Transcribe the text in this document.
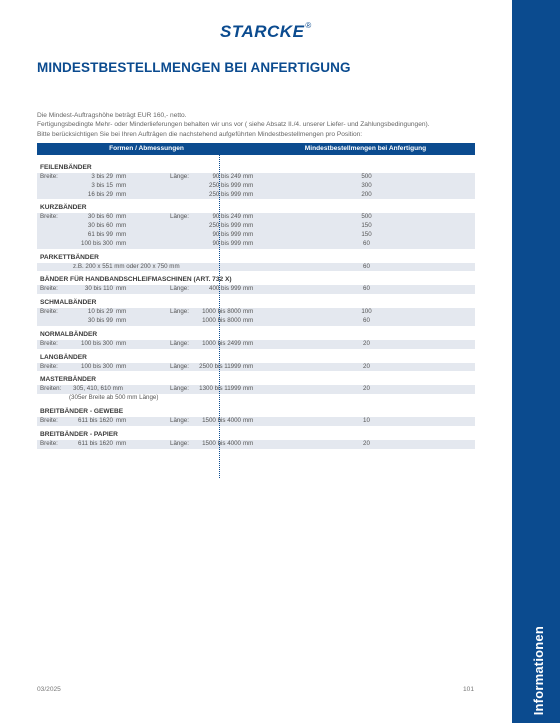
Informationen
STARCKE®
MINDESTBESTELLMENGEN BEI ANFERTIGUNG
Die Mindest-Auftragshöhe beträgt EUR 160,- netto.
Fertigungsbedingte Mehr- oder Minderlieferungen behalten wir uns vor ( siehe Absatz II./4. unserer Liefer- und Zahlungsbedingungen).
Bitte berücksichtigen Sie bei Ihren Aufträgen die nachstehend aufgeführten Mindestbestellmengen pro Position:
Formen / Abmessungen	Mindestbestellmengen bei Anfertigung
FEILENBÄNDER
Breite:	3 bis 29 mm	Länge:	90 bis 249 mm	500
3 bis 15 mm	250 bis 999 mm	300
16 bis 29 mm	250 bis 999 mm	200
KURZBÄNDER
Breite:	30 bis 60 mm	Länge:	90 bis 249 mm	500
30 bis 60 mm	250 bis 999 mm	150
61 bis 99 mm	90 bis 999 mm	150
100 bis 300 mm	90 bis 999 mm	60
PARKETTBÄNDER
z.B. 200 x 551 mm oder 200 x 750 mm	60
BÄNDER FÜR HANDBANDSCHLEIFMASCHINEN (ART. 732 X)
Breite:	30 bis 110 mm	Länge:	400 bis 999 mm	60
SCHMALBÄNDER
Breite:	10 bis 29 mm	Länge:	1000 bis 8000 mm	100
30 bis 99 mm	1000 bis 8000 mm	60
NORMALBÄNDER
Breite:	100 bis 300 mm	Länge:	1000 bis 2499 mm	20
LANGBÄNDER
Breite:	100 bis 300 mm	Länge:	2500 bis 11999 mm	20
MASTERBÄNDER
Breiten: 305, 410, 610 mm	Länge:	1300 bis 11999 mm	20
(305er Breite ab 500 mm Länge)
BREITBÄNDER - GEWEBE
Breite:	611 bis 1620 mm	Länge:	1500 bis 4000 mm	10
BREITBÄNDER - PAPIER
Breite:	611 bis 1620 mm	Länge:	1500 bis 4000 mm	20
03/2025	101
